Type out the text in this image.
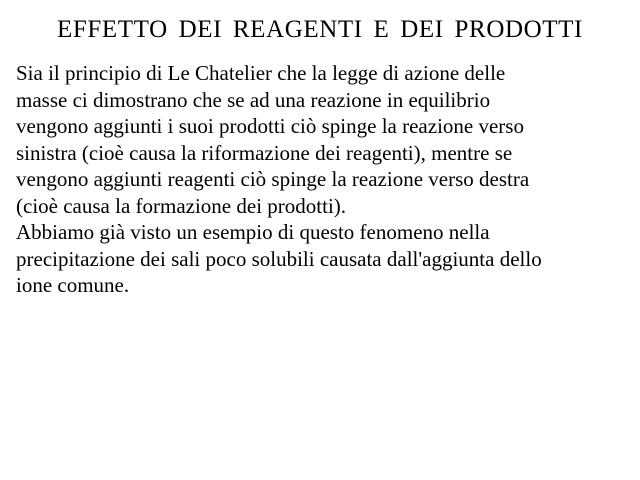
EFFETTO DEI REAGENTI E DEI PRODOTTI

Sia il principio di Le Chatelier che la legge di azione delle
masse ci dimostrano che se ad una reazione in equilibrio
vengono aggiunti i suoi prodotti ciò spinge la reazione verso
sinistra (cioè causa la riformazione dei reagenti), mentre se
vengono aggiunti reagenti ciò spinge la reazione verso destra
(cioè causa la formazione dei prodotti).

Abbiamo già visto un esempio di questo fenomeno nella
precipitazione dei sali poco solubili causata dall'aggiunta dello
ione comune.
